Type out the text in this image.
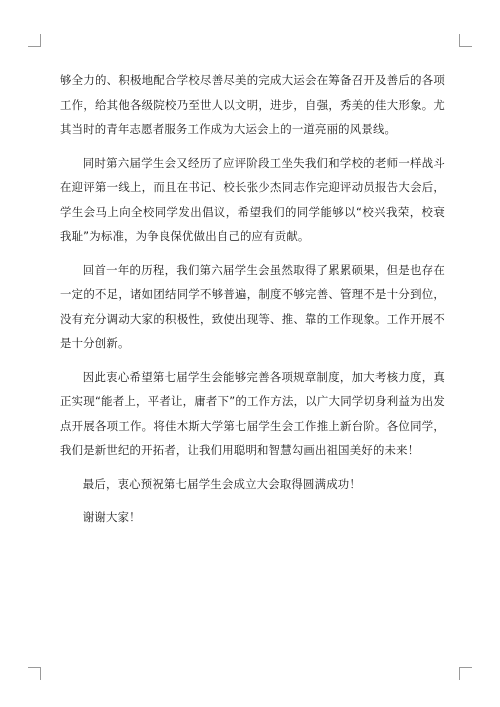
够全力的、积极地配合学校尽善尽美的完成大运会在筹备召开及善后的各项工作，给其他各级院校乃至世人以文明，进步，自强，秀美的佳大形象。尤其当时的青年志愿者服务工作成为大运会上的一道亮丽的风景线。

同时第六届学生会又经历了应评阶段工坐失我们和学校的老师一样战斗在迎评第一线上，而且在书记、校长张少杰同志作完迎评动员报告大会后，学生会马上向全校同学发出倡议，希望我们的同学能够以“校兴我荣，校衰我耻”为标准，为争良保优做出自己的应有贡献。

回首一年的历程，我们第六届学生会虽然取得了累累硕果，但是也存在一定的不足，诸如团结同学不够普遍，制度不够完善、管理不是十分到位，没有充分调动大家的积极性，致使出现等、推、靠的工作现象。工作开展不是十分创新。

因此衷心希望第七届学生会能够完善各项规章制度，加大考核力度，真正实现“能者上，平者让，庸者下”的工作方法，以广大同学切身利益为出发点开展各项工作。将佳木斯大学第七届学生会工作推上新台阶。各位同学，我们是新世纪的开拓者，让我们用聪明和智慧勾画出祖国美好的未来！

最后，衷心预祝第七届学生会成立大会取得圆满成功！

谢谢大家！
